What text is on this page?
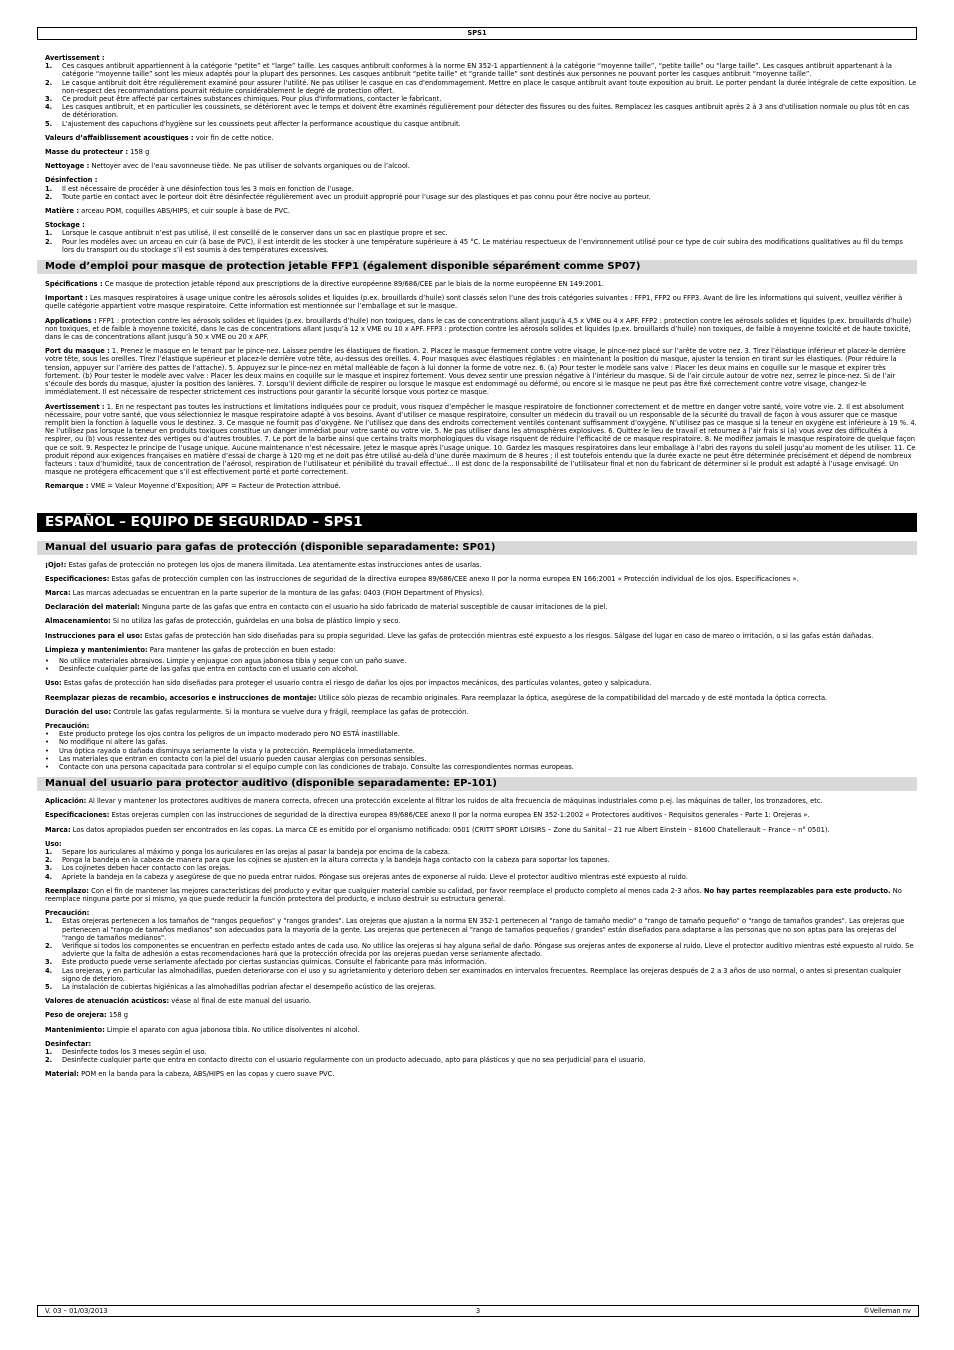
SPS1
Avertissement :
1. Ces casques antibruit appartiennent à la catégorie “petite” et “large” taille. Les casques antibruit conformes à la norme EN 352-1 appartiennent à la catégorie “moyenne taille”, “petite taille” ou “large taille”. Les casques antibruit appartenant à la catégorie “moyenne taille” sont les mieux adaptés pour la plupart des personnes. Les casques antibruit “petite taille” et “grande taille” sont destinés aux personnes ne pouvant porter les casques antibruit “moyenne taille”.
2. Le casque antibruit doit être régulièrement examiné pour assurer l'utilité. Ne pas utiliser le casque en cas d'endommagement. Mettre en place le casque antibruit avant toute exposition au bruit. Le porter pendant la durée intégrale de cette exposition. Le non-respect des recommandations pourrait réduire considérablement le degré de protection offert.
3. Ce produit peut être affecté par certaines substances chimiques. Pour plus d'informations, contacter le fabricant.
4. Les casques antibruit, et en particulier les coussinets, se détériorent avec le temps et doivent être examinés régulièrement pour détecter des fissures ou des fuites. Remplacez les casques antibruit après 2 à 3 ans d'utilisation normale ou plus tôt en cas de détérioration.
5. L'ajustement des capuchons d'hygiène sur les coussinets peut affecter la performance acoustique du casque antibruit.
Valeurs d’affaiblissement acoustiques : voir fin de cette notice.
Masse du protecteur : 158 g
Nettoyage : Nettoyer avec de l’eau savonneuse tiède. Ne pas utiliser de solvants organiques ou de l’alcool.
Désinfection :
1. Il est nécessaire de procéder à une désinfection tous les 3 mois en fonction de l’usage.
2. Toute partie en contact avec le porteur doit être désinfectée régulièrement avec un produit approprié pour l’usage sur des plastiques et pas connu pour être nocive au porteur.
Matière : arceau POM, coquilles ABS/HIPS, et cuir souple à base de PVC.
Stockage :
1. Lorsque le casque antibruit n’est pas utilisé, il est conseillé de le conserver dans un sac en plastique propre et sec.
2. Pour les modèles avec un arceau en cuir (à base de PVC), il est interdit de les stocker à une température supérieure à 45 °C. Le matériau respectueux de l’environnement utilisé pour ce type de cuir subira des modifications qualitatives au fil du temps lors du transport ou du stockage s’il est soumis à des températures excessives.
Mode d’emploi pour masque de protection jetable FFP1 (également disponible séparément comme SP07)
Spécifications : Ce masque de protection jetable répond aux prescriptions de la directive européenne 89/686/CEE par le biais de la norme européenne EN 149:2001.
Important : Les masques respiratoires à usage unique contre les aérosols solides et liquides (p.ex. brouillards d’huile) sont classés selon l’une des trois catégories suivantes : FFP1, FFP2 ou FFP3. Avant de lire les informations qui suivent, veuillez vérifier à quelle catégorie appartient votre masque respiratoire. Cette information est mentionnée sur l’emballage et sur le masque.
Applications : FFP1 : protection contre les aérosols solides et liquides (p.ex. brouillards d’huile) non toxiques, dans le cas de concentrations allant jusqu’à 4,5 x VME ou 4 x APF. FFP2 : protection contre les aérosols solides et liquides (p.ex. brouillards d’huile) non toxiques, et de faible à moyenne toxicité, dans le cas de concentrations allant jusqu’à 12 x VME ou 10 x APF. FFP3 : protection contre les aérosols solides et liquides (p.ex. brouillards d’huile) non toxiques, de faible à moyenne toxicité et de haute toxicité, dans le cas de concentrations allant jusqu’à 50 x VME ou 20 x APF.
Port du masque : 1. Prenez le masque en le tenant par le pince-nez. Laissez pendre les élastiques de fixation. 2. Placez le masque fermement contre votre visage, le pince-nez placé sur l’arête de votre nez. 3. Tirez l’élastique inférieur et placez-le derrière votre tête, sous les oreilles. Tirez l’élastique supérieur et placez-le derrière votre tête, au-dessus des oreilles. 4. Pour masques avec élastiques réglables : en maintenant la position du masque, ajuster la tension en tirant sur les élastiques. (Pour réduire la tension, appuyer sur l’arrière des pattes de l’attache). 5. Appuyez sur le pince-nez en métal malléable de façon à lui donner la forme de votre nez. 6. (a) Pour tester le modèle sans valve : Placer les deux mains en coquille sur le masque et expirer très fortement. (b) Pour tester le modèle avec valve : Placer les deux mains en coquille sur le masque et inspirez fortement. Vous devez sentir une pression négative à l’intérieur du masque. Si de l’air circule autour de votre nez, serrez le pince-nez. Si de l’air s’écoule des bords du masque, ajuster la position des lanières. 7. Lorsqu’il devient difficile de respirer ou lorsque le masque est endommagé ou déformé, ou encore si le masque ne peut pas être fixé correctement contre votre visage, changez-le immédiatement. Il est nécessaire de respecter strictement ces instructions pour garantir la sécurité lorsque vous portez ce masque.
Avertissement : 1. En ne respectant pas toutes les instructions et limitations indiquées pour ce produit, vous risquez d’empêcher le masque respiratoire de fonctionner correctement et de mettre en danger votre santé, voire votre vie. 2. Il est absolument nécessaire, pour votre santé, que vous sélectionniez le masque respiratoire adapté à vos besoins. Avant d’utiliser ce masque respiratoire, consulter un médecin du travail ou un responsable de la sécurité du travail de façon à vous assurer que ce masque remplit bien la fonction à laquelle vous le destinez. 3. Ce masque ne fournit pas d’oxygène. Ne l’utilisez que dans des endroits correctement ventilés contenant suffisamment d’oxygène. N’utilisez pas ce masque si la teneur en oxygène est inférieure à 19 %. 4. Ne l’utilisez pas lorsque la teneur en produits toxiques constitue un danger immédiat pour votre santé ou votre vie. 5. Ne pas utiliser dans les atmosphères explosives. 6. Quittez le lieu de travail et retournez à l’air frais si (a) vous avez des difficultés à respirer, ou (b) vous ressentez des vertiges ou d’autres troubles. 7. Le port de la barbe ainsi que certains traits morphologiques du visage risquent de réduire l’efficacité de ce masque respiratoire. 8. Ne modifiez jamais le masque respiratoire de quelque façon que ce soit. 9. Respectez le principe de l’usage unique. Aucune maintenance n’est nécessaire. Jetez le masque après l’usage unique. 10. Gardez les masques respiratoires dans leur emballage à l’abri des rayons du soleil jusqu’au moment de les utiliser. 11. Ce produit répond aux exigences françaises en matière d’essai de charge à 120 mg et ne doit pas être utilisé au-delà d’une durée maximum de 8 heures ; il est toutefois entendu que la durée exacte ne peut être déterminée précisément et dépend de nombreux facteurs : taux d’humidité, taux de concentration de l’aérosol, respiration de l’utilisateur et pénibilité du travail effectué... Il est donc de la responsabilité de l’utilisateur final et non du fabricant de déterminer si le produit est adapté à l’usage envisagé. Un masque ne protégera efficacement que s’il est effectivement porté et porté correctement.
Remarque : VME = Valeur Moyenne d’Exposition; APF = Facteur de Protection attribué.
ESPAÑOL – EQUIPO DE SEGURIDAD – SPS1
Manual del usuario para gafas de protección (disponible separadamente: SP01)
¡Ojo!: Estas gafas de protección no protegen los ojos de manera ilimitada. Lea atentamente estas instrucciones antes de usarlas.
Especificaciones: Estas gafas de protección cumplen con las instrucciones de seguridad de la directiva europea 89/686/CEE anexo II por la norma europea EN 166:2001 « Protección individual de los ojos. Especificaciones ».
Marca: Las marcas adecuadas se encuentran en la parte superior de la montura de las gafas: 0403 (FIOH Department of Physics).
Declaración del material: Ninguna parte de las gafas que entra en contacto con el usuario ha sido fabricado de material susceptible de causar irritaciones de la piel.
Almacenamiento: Si no utiliza las gafas de protección, guárdelas en una bolsa de plástico limpio y seco.
Instrucciones para el uso: Estas gafas de protección han sido diseñadas para su propia seguridad. Lleve las gafas de protección mientras esté expuesto a los riesgos. Sálgase del lugar en caso de mareo o irritación, o si las gafas están dañadas.
Limpieza y mantenimiento: Para mantener las gafas de protección en buen estado:
• No utilice materiales abrasivos. Limpie y enjuague con agua jabonosa tibia y seque con un paño suave.
• Desinfecte cualquier parte de las gafas que entra en contacto con el usuario con alcohol.
Uso: Estas gafas de protección han sido diseñadas para proteger el usuario contra el riesgo de dañar los ojos por impactos mecánicos, des partículas volantes, goteo y salpicadura.
Reemplazar piezas de recambio, accesorios e instrucciones de montaje: Utilice sólo piezas de recambio originales. Para reemplazar la óptica, asegúrese de la compatibilidad del marcado y de esté montada la óptica correcta.
Duración del uso: Controle las gafas regularmente. Si la montura se vuelve dura y frágil, reemplace las gafas de protección.
Precaución:
• Este producto protege los ojos contra los peligros de un impacto moderado pero NO ESTÁ inastillable.
• No modifique ni altere las gafas.
• Una óptica rayada o dañada disminuya seriamente la vista y la protección. Reemplácela inmediatamente.
• Las materiales que entran en contacto con la piel del usuario pueden causar alergias con personas sensibles.
• Contacte con una persona capacitada para controlar si el equipo cumple con las condiciones de trabajo. Consulte las correspondientes normas europeas.
Manual del usuario para protector auditivo (disponible separadamente: EP-101)
Aplicación: Al llevar y mantener los protectores auditivos de manera correcta, ofrecen una protección excelente al filtrar los ruidos de alta frecuencia de máquinas industriales como p.ej. las máquinas de taller, los tronzadores, etc.
Especificaciones: Estas orejeras cumplen con las instrucciones de seguridad de la directiva europea 89/686/CEE anexo II por la norma europea EN 352-1:2002 « Protectores auditivos - Requisitos generales - Parte 1: Orejeras ».
Marca: Los datos apropiados pueden ser encontrados en las copas. La marca CE es emitido por el organismo notificado: 0501 (CRITT SPORT LOISIRS – Zone du Sanital – 21 rue Albert Einstein – 81600 Chatellerault – France – n° 0501).
Uso:
1. Separe los auriculares al máximo y ponga los auriculares en las orejas al pasar la bandeja por encima de la cabeza.
2. Ponga la bandeja en la cabeza de manera para que los cojines se ajusten en la altura correcta y la bandeja haga contacto con la cabeza para soportar los tapones.
3. Los cojinetes deben hacer contacto con las orejas.
4. Apriete la bandeja en la cabeza y asegúrese de que no pueda entrar ruidos. Póngase sus orejeras antes de exponerse al ruido. Lleve el protector auditivo mientras esté expuesto al ruido.
Reemplazo: Con el fin de mantener las mejores características del producto y evitar que cualquier material cambie su calidad, por favor reemplace el producto completo al menos cada 2-3 años. No hay partes reemplazables para este producto. No reemplace ninguna parte por sí mismo, ya que puede reducir la función protectora del producto, e incluso destruir su estructura general.
Precaución:
1. Estas orejeras pertenecen a los tamaños de "rangos pequeños" y "rangos grandes". Las orejeras que ajustan a la norma EN 352-1 pertenecen al "rango de tamaño medio" o "rango de tamaño pequeño" o "rango de tamaños grandes". Las orejeras que pertenecen al "rango de tamaños medianos" son adecuados para la mayoría de la gente. Las orejeras que pertenecen al "rango de tamaños pequeños / grandes" están diseñados para adaptarse a las personas que no son aptas para las orejeras del "rango de tamaños medianos".
2. Verifique si todos los componentes se encuentran en perfecto estado antes de cada uso. No utilice las orejeras si hay alguna señal de daño. Póngase sus orejeras antes de exponerse al ruido. Lleve el protector auditivo mientras esté expuesto al ruido. Se advierte que la falta de adhesión a estas recomendaciones hará que la protección ofrecida por las orejeras puedan verse seriamente afectado.
3. Este producto puede verse seriamente afectado por ciertas sustancias químicas. Consulte el fabricante para más información.
4. Las orejeras, y en particular las almohadillas, pueden deteriorarse con el uso y su agrietamiento y deterioro deben ser examinados en intervalos frecuentes. Reemplace las orejeras después de 2 a 3 años de uso normal, o antes si presentan cualquier signo de deterioro.
5. La instalación de cubiertas higiénicas a las almohadillas podrían afectar el desempeño acústico de las orejeras.
Valores de atenuación acústicos: véase al final de este manual del usuario.
Peso de orejera: 158 g
Mantenimiento: Limpie el aparato con agua jabonosa tibia. No utilice disolventes ni alcohol.
Desinfectar:
1. Desinfecte todos los 3 meses según el uso.
2. Desinfecte cualquier parte que entra en contacto directo con el usuario regularmente con un producto adecuado, apto para plásticos y que no sea perjudicial para el usuario.
Material: POM en la banda para la cabeza, ABS/HIPS en las copas y cuero suave PVC.
V. 03 – 01/03/2013	3	©Velleman nv
